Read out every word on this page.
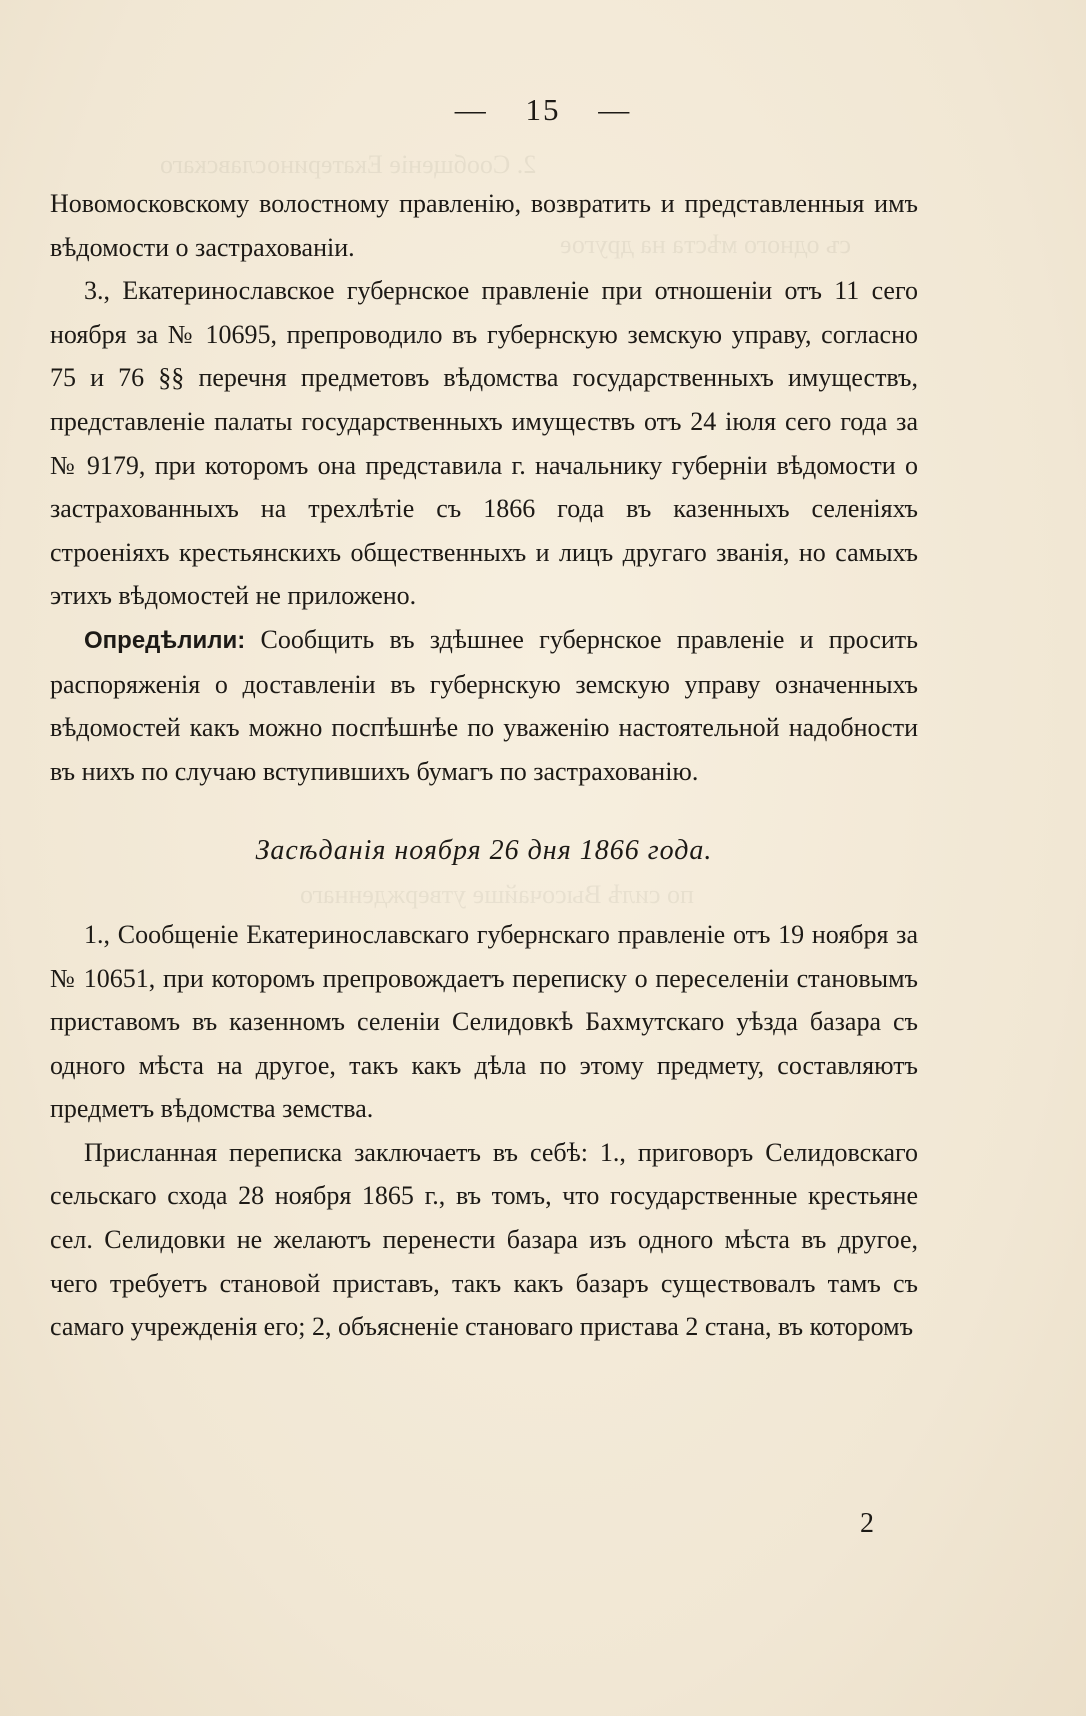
2. Сообщеніе Екатеринославскаго
съ одного мѣста на другое
по силѣ Высочайше утвержденнаго
— 15 —

Новомосковскому волостному правленію, возвратить и представленныя имъ вѣдомости о застрахованіи.

3., Екатеринославское губернское правленіе при отношеніи отъ 11 сего ноября за № 10695, препроводило въ губернскую земскую управу, согласно 75 и 76 §§ перечня предметовъ вѣдомства государственныхъ имуществъ, представленіе палаты государственныхъ имуществъ отъ 24 іюля сего года за № 9179, при которомъ она представила г. начальнику губерніи вѣдомости о застрахованныхъ на трехлѣтіе съ 1866 года въ казенныхъ селеніяхъ строеніяхъ крестьянскихъ общественныхъ и лицъ другаго званія, но самыхъ этихъ вѣдомостей не приложено.

Опредѣлили: Сообщить въ здѣшнее губернское правленіе и просить распоряженія о доставленіи въ губернскую земскую управу означенныхъ вѣдомостей какъ можно поспѣшнѣе по уваженію настоятельной надобности въ нихъ по случаю вступившихъ бумагъ по застрахованію.

Засѣданія ноября 26 дня 1866 года.

1., Сообщеніе Екатеринославскаго губернскаго правленіе отъ 19 ноября за № 10651, при которомъ препровождаетъ переписку о переселеніи становымъ приставомъ въ казенномъ селеніи Селидовкѣ Бахмутскаго уѣзда базара съ одного мѣста на другое, такъ какъ дѣла по этому предмету, составляютъ предметъ вѣдомства земства.

Присланная переписка заключаетъ въ себѣ: 1., приговоръ Селидовскаго сельскаго схода 28 ноября 1865 г., въ томъ, что государственные крестьяне сел. Селидовки не желаютъ перенести базара изъ одного мѣста въ другое, чего требуетъ становой приставъ, такъ какъ базаръ существовалъ тамъ съ самаго учрежденія его; 2, объясненіе становаго пристава 2 стана, въ которомъ

2
